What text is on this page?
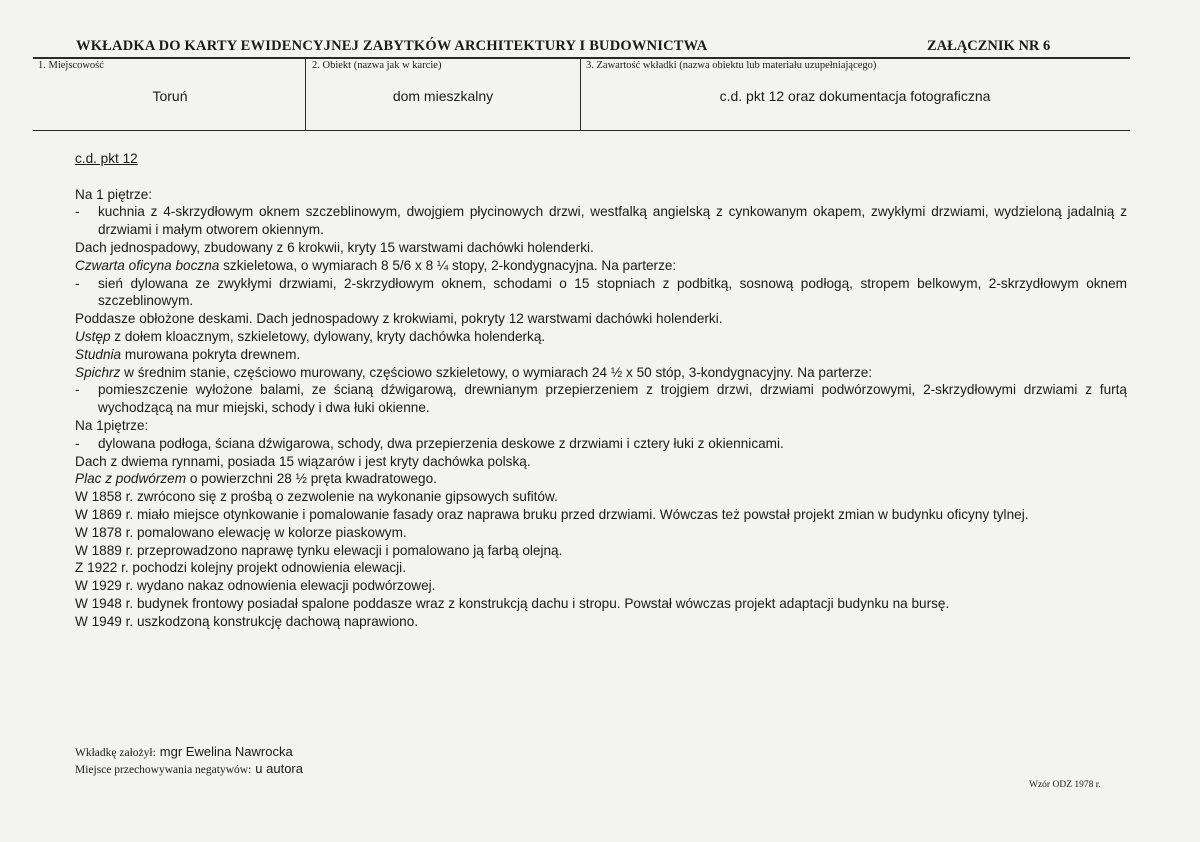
WKŁADKA DO KARTY EWIDENCYJNEJ ZABYTKÓW ARCHITEKTURY I BUDOWNICTWA	ZAŁĄCZNIK NR 6
1. Miejscowość	2. Obiekt (nazwa jak w karcie)	3. Zawartość wkładki (nazwa obiektu lub materiału uzupełniającego)
Toruń	dom mieszkalny	c.d. pkt 12 oraz dokumentacja fotograficzna

c.d. pkt 12

Na 1 piętrze:

- kuchnia z 4-skrzydłowym oknem szczeblinowym, dwojgiem płycinowych drzwi, westfalką angielską z cynkowanym okapem, zwykłymi drzwiami, wydzieloną jadalnią z drzwiami i małym otworem okiennym.

Dach jednospadowy, zbudowany z 6 krokwii, kryty 15 warstwami dachówki holenderki.

Czwarta oficyna boczna szkieletowa, o wymiarach 8 5/6 x 8 ¼ stopy, 2-kondygnacyjna. Na parterze:

- sień dylowana ze zwykłymi drzwiami, 2-skrzydłowym oknem, schodami o 15 stopniach z podbitką, sosnową podłogą, stropem belkowym, 2-skrzydłowym oknem szczeblinowym.

Poddasze obłożone deskami. Dach jednospadowy z krokwiami, pokryty 12 warstwami dachówki holenderki.

Ustęp z dołem kloacznym, szkieletowy, dylowany, kryty dachówka holenderką.

Studnia murowana pokryta drewnem.

Spichrz w średnim stanie, częściowo murowany, częściowo szkieletowy, o wymiarach 24 ½ x 50 stóp, 3-kondygnacyjny. Na parterze:

- pomieszczenie wyłożone balami, ze ścianą dźwigarową, drewnianym przepierzeniem z trojgiem drzwi, drzwiami podwórzowymi, 2-skrzydłowymi drzwiami z furtą wychodzącą na mur miejski, schody i dwa łuki okienne.

Na 1piętrze:

- dylowana podłoga, ściana dźwigarowa, schody, dwa przepierzenia deskowe z drzwiami i cztery łuki z okiennicami.

Dach z dwiema rynnami, posiada 15 wiązarów i jest kryty dachówka polską.

Plac z podwórzem o powierzchni 28 ½ pręta kwadratowego.

W 1858 r. zwrócono się z prośbą o zezwolenie na wykonanie gipsowych sufitów.

W 1869 r. miało miejsce otynkowanie i pomalowanie fasady oraz naprawa bruku przed drzwiami. Wówczas też powstał projekt zmian w budynku oficyny tylnej.

W 1878 r. pomalowano elewację w kolorze piaskowym.

W 1889 r. przeprowadzono naprawę tynku elewacji i pomalowano ją farbą olejną.

Z 1922 r. pochodzi kolejny projekt odnowienia elewacji.

W 1929 r. wydano nakaz odnowienia elewacji podwórzowej.

W 1948 r. budynek frontowy posiadał spalone poddasze wraz z konstrukcją dachu i stropu. Powstał wówczas projekt adaptacji budynku na bursę.

W 1949 r. uszkodzoną konstrukcję dachową naprawiono.

Wkładkę założył: mgr Ewelina Nawrocka
Miejsce przechowywania negatywów: u autora
Wzór ODZ 1978 r.
